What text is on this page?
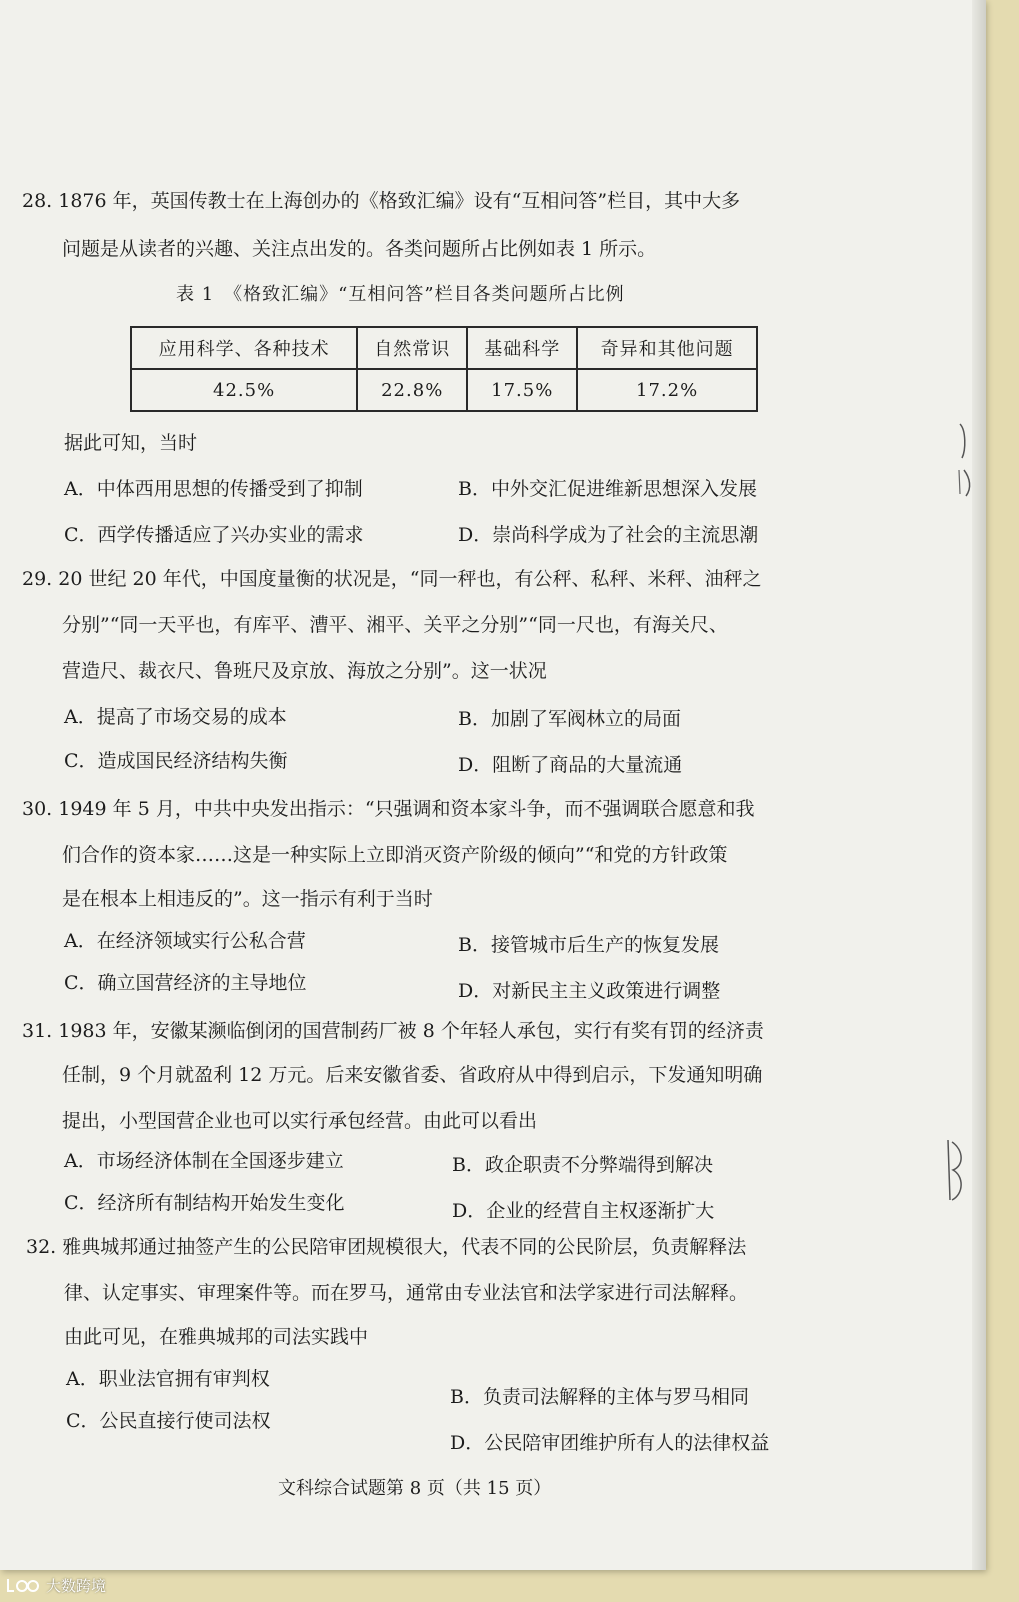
28. 1876 年，英国传教士在上海创办的《格致汇编》设有“互相问答”栏目，其中大多
问题是从读者的兴趣、关注点出发的。各类问题所占比例如表 1 所示。
表 1　《格致汇编》“互相问答”栏目各类问题所占比例
应用科学、各种技术	自然常识	基础科学	奇异和其他问题
42.5%	22.8%	17.5%	17.2%
据此可知，当时
A．中体西用思想的传播受到了抑制	B．中外交汇促进维新思想深入发展
C．西学传播适应了兴办实业的需求	D．崇尚科学成为了社会的主流思潮
29. 20 世纪 20 年代，中国度量衡的状况是，“同一秤也，有公秤、私秤、米秤、油秤之
分别”“同一天平也，有库平、漕平、湘平、关平之分别”“同一尺也，有海关尺、
营造尺、裁衣尺、鲁班尺及京放、海放之分别”。这一状况
A．提高了市场交易的成本	B．加剧了军阀林立的局面
C．造成国民经济结构失衡	D．阻断了商品的大量流通
30. 1949 年 5 月，中共中央发出指示：“只强调和资本家斗争，而不强调联合愿意和我
们合作的资本家……这是一种实际上立即消灭资产阶级的倾向”“和党的方针政策
是在根本上相违反的”。这一指示有利于当时
A．在经济领域实行公私合营	B．接管城市后生产的恢复发展
C．确立国营经济的主导地位	D．对新民主主义政策进行调整
31. 1983 年，安徽某濒临倒闭的国营制药厂被 8 个年轻人承包，实行有奖有罚的经济责
任制，9 个月就盈利 12 万元。后来安徽省委、省政府从中得到启示，下发通知明确
提出，小型国营企业也可以实行承包经营。由此可以看出
A．市场经济体制在全国逐步建立	B．政企职责不分弊端得到解决
C．经济所有制结构开始发生变化	D．企业的经营自主权逐渐扩大
32. 雅典城邦通过抽签产生的公民陪审团规模很大，代表不同的公民阶层，负责解释法
律、认定事实、审理案件等。而在罗马，通常由专业法官和法学家进行司法解释。
由此可见，在雅典城邦的司法实践中
A．职业法官拥有审判权
B．负责司法解释的主体与罗马相同
C．公民直接行使司法权
D．公民陪审团维护所有人的法律权益
文科综合试题第 8 页（共 15 页）
大数跨境
